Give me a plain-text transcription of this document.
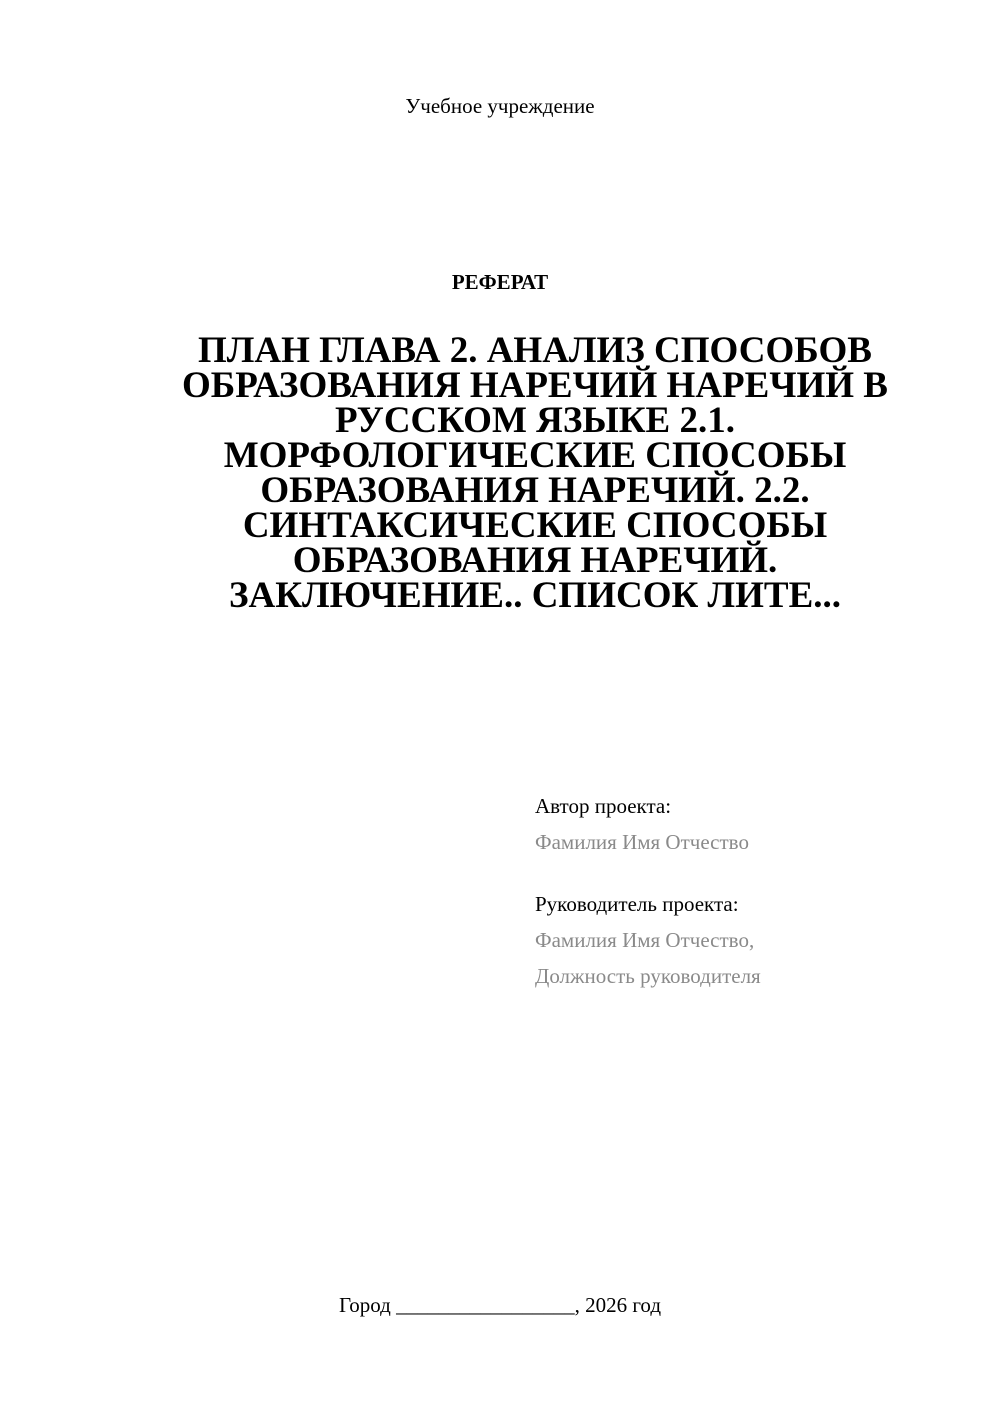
Учебное учреждение
РЕФЕРАТ
ПЛАН ГЛАВА 2. АНАЛИЗ СПОСОБОВ ОБРАЗОВАНИЯ НАРЕЧИЙ НАРЕЧИЙ В РУССКОМ ЯЗЫКЕ 2.1. МОРФОЛОГИЧЕСКИЕ СПОСОБЫ ОБРАЗОВАНИЯ НАРЕЧИЙ. 2.2. СИНТАКСИЧЕСКИЕ СПОСОБЫ ОБРАЗОВАНИЯ НАРЕЧИЙ. ЗАКЛЮЧЕНИЕ.. СПИСОК ЛИТЕ...
Автор проекта:
Фамилия Имя Отчество
Руководитель проекта:
Фамилия Имя Отчество,
Должность руководителя
Город _________________, 2026 год
